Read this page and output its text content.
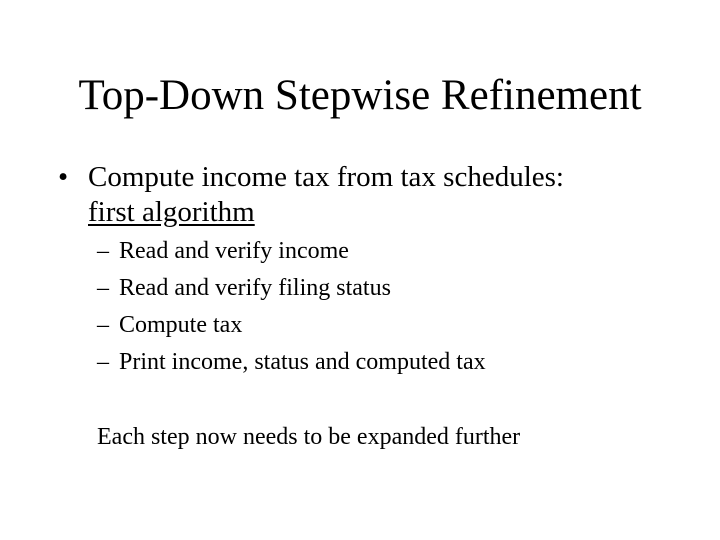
Top-Down Stepwise Refinement
• Compute income tax from tax schedules:
first algorithm
– Read and verify income
– Read and verify filing status
– Compute tax
– Print income, status and computed tax
Each step now needs to be expanded further
